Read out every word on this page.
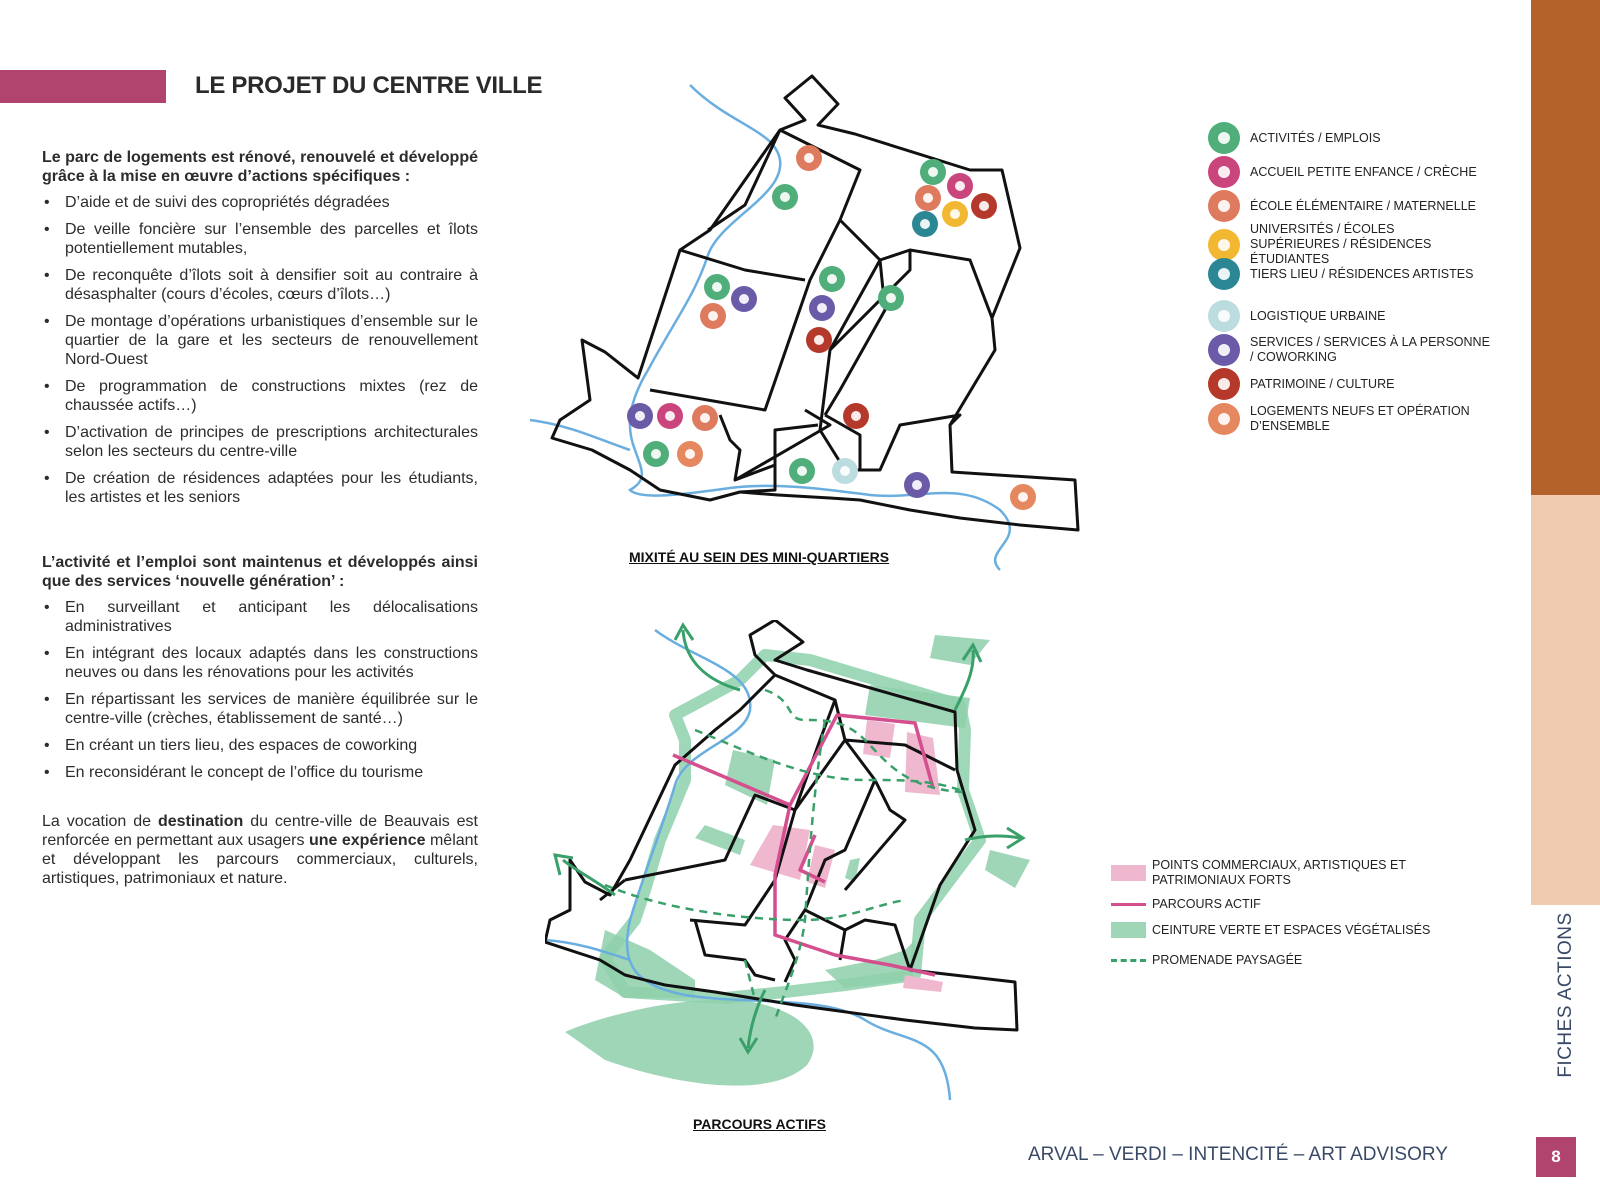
FICHES ACTIONS
8
ARVAL – VERDI – INTENCITÉ – ART ADVISORY
LE PROJET DU CENTRE VILLE

Le parc de logements est rénové, renouvelé et développé grâce à la mise en œuvre d’actions spécifiques :

• D’aide et de suivi des copropriétés dégradées
• De veille foncière sur l’ensemble des parcelles et îlots potentiellement mutables,
• De reconquête d’îlots soit à densifier soit au contraire à désasphalter (cours d’écoles, cœurs d’îlots…)
• De montage d’opérations urbanistiques d’ensemble sur le quartier de la gare et les secteurs de renouvellement Nord-Ouest
• De programmation de constructions mixtes (rez de chaussée actifs…)
• D’activation de principes de prescriptions architecturales selon les secteurs du centre-ville
• De création de résidences adaptées pour les étudiants, les artistes et les seniors

L’activité et l’emploi sont maintenus et développés ainsi que des services ‘nouvelle génération’ :

• En surveillant et anticipant les délocalisations administratives
• En intégrant des locaux adaptés dans les constructions neuves ou dans les rénovations pour les activités
• En répartissant les services de manière équilibrée sur le centre-ville (crèches, établissement de santé…)
• En créant un tiers lieu, des espaces de coworking
• En reconsidérant le concept de l’office du tourisme

La vocation de destination du centre-ville de Beauvais est renforcée en permettant aux usagers une expérience mêlant et développant les parcours commerciaux, culturels, artistiques, patrimoniaux et nature.

MIXITÉ AU SEIN DES MINI-QUARTIERS
ACTIVITÉS / EMPLOIS
ACCUEIL PETITE ENFANCE / CRÈCHE
ÉCOLE ÉLÉMENTAIRE / MATERNELLE
UNIVERSITÉS / ÉCOLES SUPÉRIEURES / RÉSIDENCES ÉTUDIANTES
TIERS LIEU / RÉSIDENCES ARTISTES
LOGISTIQUE URBAINE
SERVICES / SERVICES À LA PERSONNE / COWORKING
PATRIMOINE / CULTURE
LOGEMENTS NEUFS ET OPÉRATION D’ENSEMBLE
PARCOURS ACTIFS
POINTS COMMERCIAUX, ARTISTIQUES ET PATRIMONIAUX FORTS
PARCOURS ACTIF
CEINTURE VERTE ET ESPACES VÉGÉTALISÉS
PROMENADE PAYSAGÉE
